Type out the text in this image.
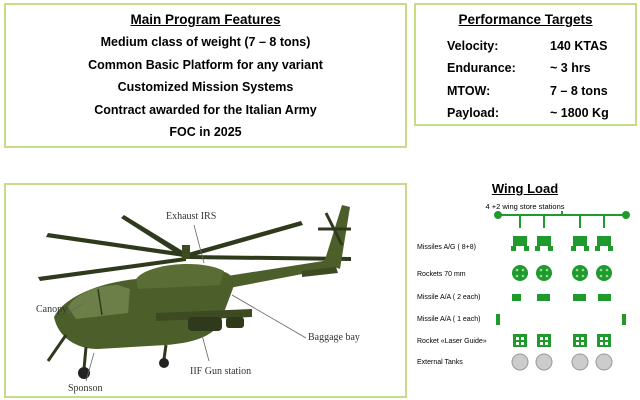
Main Program Features
Medium class of weight (7 – 8 tons)
Common Basic Platform for any variant
Customized Mission Systems
Contract awarded for the Italian Army
FOC in 2025
Performance Targets
Velocity:	140 KTAS
Endurance:	~ 3 hrs
MTOW:	7 – 8 tons
Payload:	~ 1800 Kg
Exhaust IRS
Canopy
Baggage bay
IIF Gun station
Sponson
Wing Load
4 +2 wing store stations
Missiles A/G ( 8+8)
Rockets 70 mm
Missile A/A ( 2 each)
Missile A/A ( 1 each)
Rocket «Laser Guide»
External Tanks
